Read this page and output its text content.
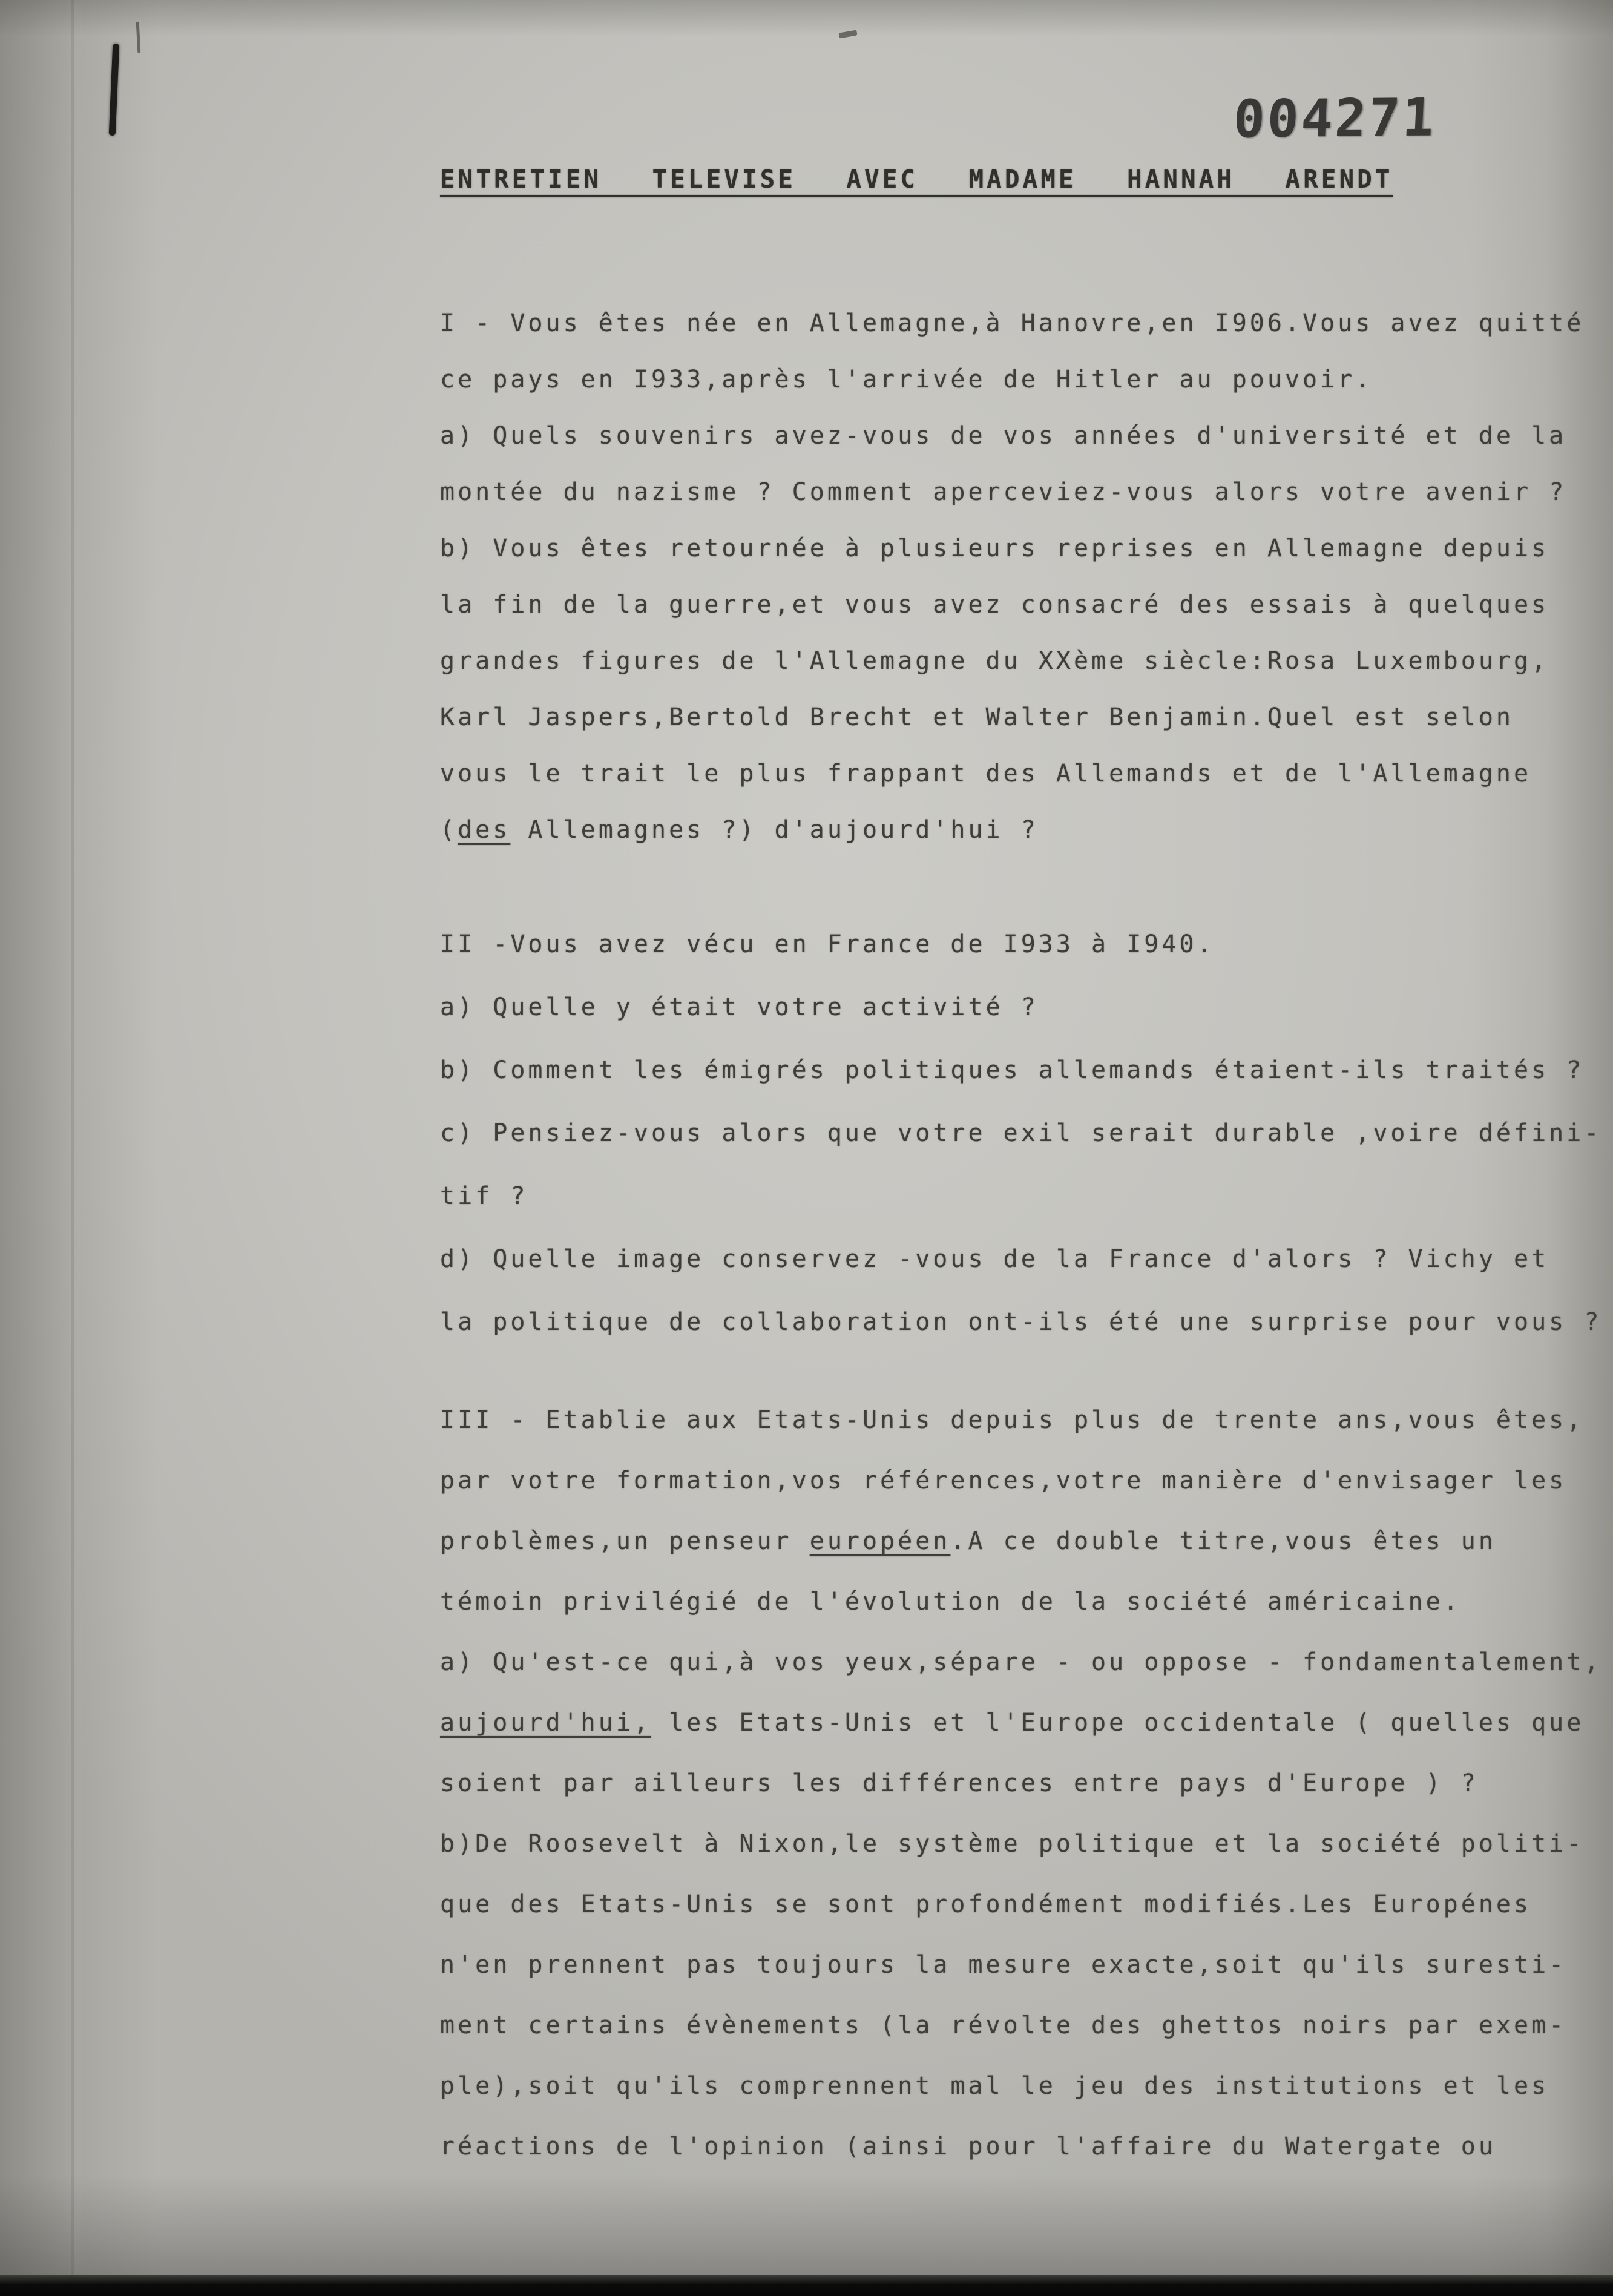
004271
ENTRETIEN  TELEVISE  AVEC  MADAME  HANNAH  ARENDT
I - Vous êtes née en Allemagne,à Hanovre,en I906.Vous avez quitté
ce pays en I933,après l'arrivée de Hitler au pouvoir.
a) Quels souvenirs avez-vous de vos années d'université et de la
montée du nazisme ? Comment aperceviez-vous alors votre avenir ?
b) Vous êtes retournée à plusieurs reprises en Allemagne depuis
la fin de la guerre,et vous avez consacré des essais à quelques
grandes figures de l'Allemagne du XXème siècle:Rosa Luxembourg,
Karl Jaspers,Bertold Brecht et Walter Benjamin.Quel est selon
vous le trait le plus frappant des Allemands et de l'Allemagne
(des Allemagnes ?) d'aujourd'hui ?
II -Vous avez vécu en France de I933 à I940.
a) Quelle y était votre activité ?
b) Comment les émigrés politiques allemands étaient-ils traités ?
c) Pensiez-vous alors que votre exil serait durable ,voire défini-
tif ?
d) Quelle image conservez -vous de la France d'alors ? Vichy et
la politique de collaboration ont-ils été une surprise pour vous ?
III - Etablie aux Etats-Unis depuis plus de trente ans,vous êtes,
par votre formation,vos références,votre manière d'envisager les
problèmes,un penseur européen.A ce double titre,vous êtes un
témoin privilégié de l'évolution de la société américaine.
a) Qu'est-ce qui,à vos yeux,sépare - ou oppose - fondamentalement,
aujourd'hui, les Etats-Unis et l'Europe occidentale ( quelles que
soient par ailleurs les différences entre pays d'Europe ) ?
b)De Roosevelt à Nixon,le système politique et la société politi-
que des Etats-Unis se sont profondément modifiés.Les Europénes
n'en prennent pas toujours la mesure exacte,soit qu'ils suresti-
ment certains évènements (la révolte des ghettos noirs par exem-
ple),soit qu'ils comprennent mal le jeu des institutions et les
réactions de l'opinion (ainsi pour l'affaire du Watergate ou
